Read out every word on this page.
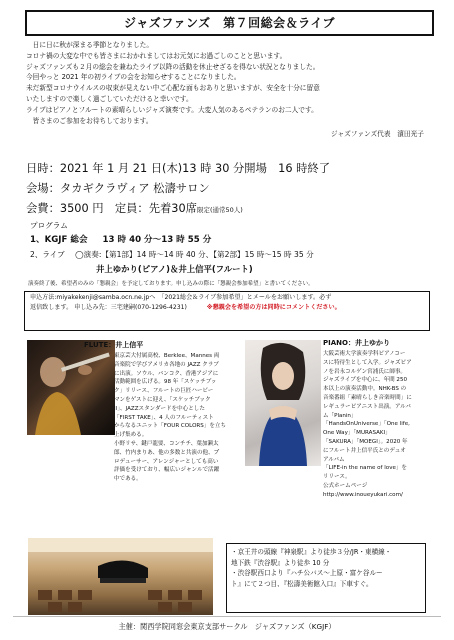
ジャズファンズ　第７回総会＆ライブ

　日に日に秋が深まる季節となりました。

コロナ禍の大変な中でも皆さまにおかれましてはお元気にお過ごしのことと思います。

ジャズファンズも２月の総会を兼ねたライブ以降の活動を休止せざるを得ない状況となりました。

今回やっと 2021 年の初ライブの会をお知らせすることになりました。

未だ新型コロナウイルスの収束が見えない中ご心配な面もおありと思いますが、安全を十分に留意

いたしますので楽しく過ごしていただけると幸いです。

ライブはピアノとフルートの素晴らしいジャズ演奏です。大変人気のあるペテランのお二人です。

　皆さまのご参加をお待ちしております。

ジャズファンズ代表　濱田光子

日時：2021 年 1 月 21 日(木)13 時 30 分開場　16 時終了
会場：タカギクラヴィア 松濤サロン
会費：3500 円　定員：先着30席限定(通常50人)
プログラム
1、KGJF 総会 13 時 40 分～13 時 55 分
2、ライブ ◯演奏:【第1部】14 時～14 時 40 分、【第2部】15 時～15 時 35 分
井上ゆかり(ピアノ)＆井上信平(フルート)
演奏終了後、希望者のみの「懇親会」を予定しております。申し込みの際に「懇親会参加希望」と書いてください。
申込方法:miyakekenji@samba.ocn.ne.jpへ　「2021総会＆ライブ参加希望」とメールをお願いします。必ず
返信致します。 申し込み先：三宅建嗣(070-1296-4231)	※懇親会を希望の方は同時にコメントください。
FLUTE：井上信平
東京芸大付属高校、Berklee、Mannes 両
音楽院で学びアメリカ各地の JAZZ クラブ
に出演。ソウル、バンコク、香港アジアに
活動範囲を広げる。98 年「スケッチブッ
ク」リリース、フルートの巨匠ハービー
マンをゲストに迎え、「スケッチブック
II」、JAZZスタンダードを中心とした
「FIRST TAKE」、4 人のフルーティスト
からなるユニット「FOUR COLORS」を立ち
上げ集める。
小野リサ、鍵戸龍要、コンチチ、葉加瀬太
郎、竹内まりあ、他の多数と共演の他、プ
ロデューサー、アレンジャーとしても高い
評価を受けており、幅広いジャンルで活躍
中である。
PIANO：井上ゆかり
大阪芸術大学演奏学科ピアノコー
スに特待生として入学。ジャズピア
ノを岩永コルゲン宮浦氏に師事。
ジャズライブを中心に、年間 250
本以上の演奏活動中。NHK-BS の
音楽番組「素晴らしき音楽時間」に
レギュラーピアニスト出演。アルバ
ム「Planin」
「HandsOnUniverse」「One life,
One Way」「MURASAKI」
「SAKURA」「MOEGI」。2020 年
にフルート井上信平氏とのデュオ
アルバム
「LIFE‐in the name of love」を
リリース。
公式ホームページ
http://www.inoueyukari.com/
・京王井の頭線『神泉駅』より徒歩３分/JR・東横線・
地下鉄『渋谷駅』より徒歩 10 分
・渋谷駅西口より『ハチ公バス～上原・富ケ谷ルー
ト』にて２つ目、『松濤美術館入口』下車すぐ。
主催：関西学院同窓会東京支部サークル　ジャズファンズ（KGJF）
